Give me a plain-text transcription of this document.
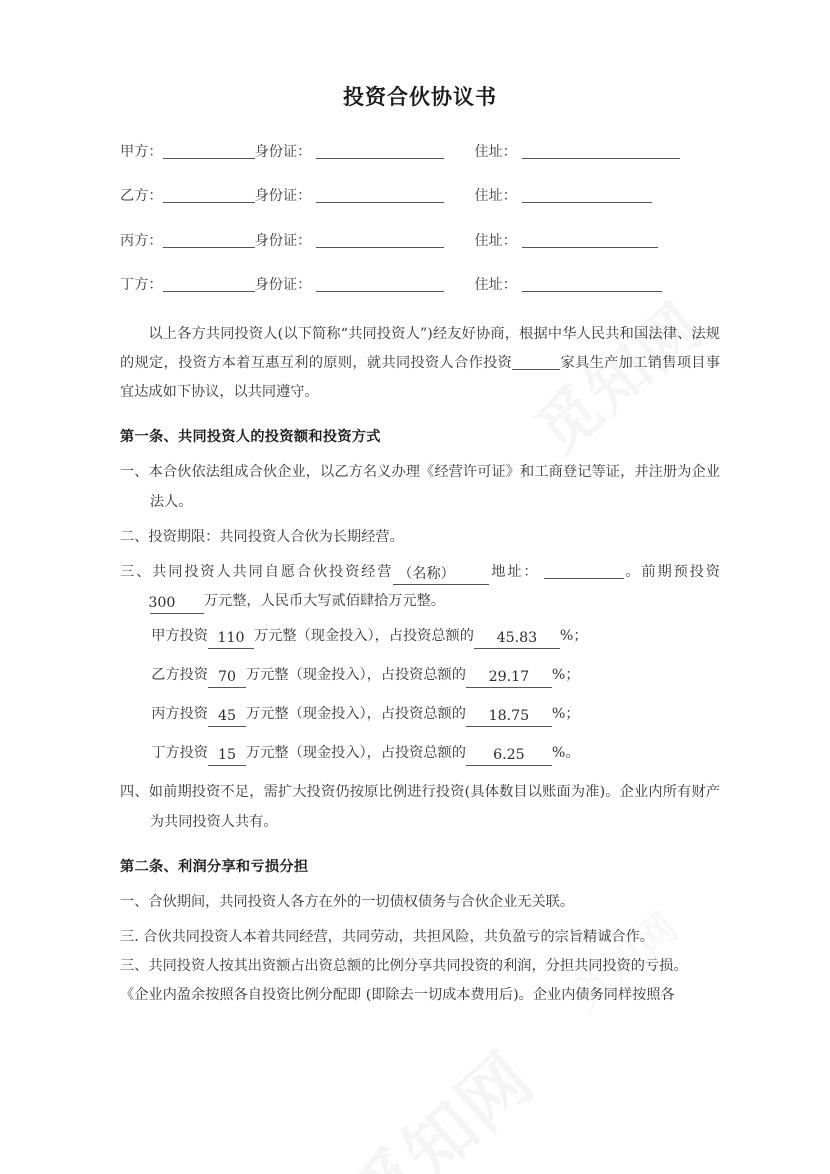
投资合伙协议书
甲方：	身份证：	住址：
乙方：	身份证：	住址：
丙方：	身份证：	住址：
丁方：	身份证：	住址：

以上各方共同投资人(以下简称“共同投资人”)经友好协商，根据中华人民共和国法律、法规的规定，投资方本着互惠互利的原则，就共同投资人合作投资	家具生产加工销售项目事宜达成如下协议，以共同遵守。

第一条、共同投资人的投资额和投资方式

一、本合伙依法组成合伙企业，以乙方名义办理《经营许可证》和工商登记等证，并注册为企业法人。

二、投资期限：共同投资人合伙为长期经营。

三、共同投资人共同自愿合伙投资经营 （名称） 地址：	。前期预投资300 万元整，人民币大写贰佰肆拾万元整。

甲方投资 110 万元整（现金投入），占投资总额的 45.83 %；
乙方投资 70 万元整（现金投入），占投资总额的 29.17 %；
丙方投资 45 万元整（现金投入），占投资总额的 18.75 %；
丁方投资 15 万元整（现金投入），占投资总额的 6.25 %。

四、如前期投资不足，需扩大投资仍按原比例进行投资(具体数目以账面为准)。企业内所有财产为共同投资人共有。

第二条、利润分享和亏损分担

一、合伙期间，共同投资人各方在外的一切债权债务与合伙企业无关联。

三. 合伙共同投资人本着共同经营，共同劳动，共担风险，共负盈亏的宗旨精诚合作。

三、共同投资人按其出资额占出资总额的比例分享共同投资的利润，分担共同投资的亏损。

《企业内盈余按照各自投资比例分配即 (即除去一切成本费用后)。企业内债务同样按照各
